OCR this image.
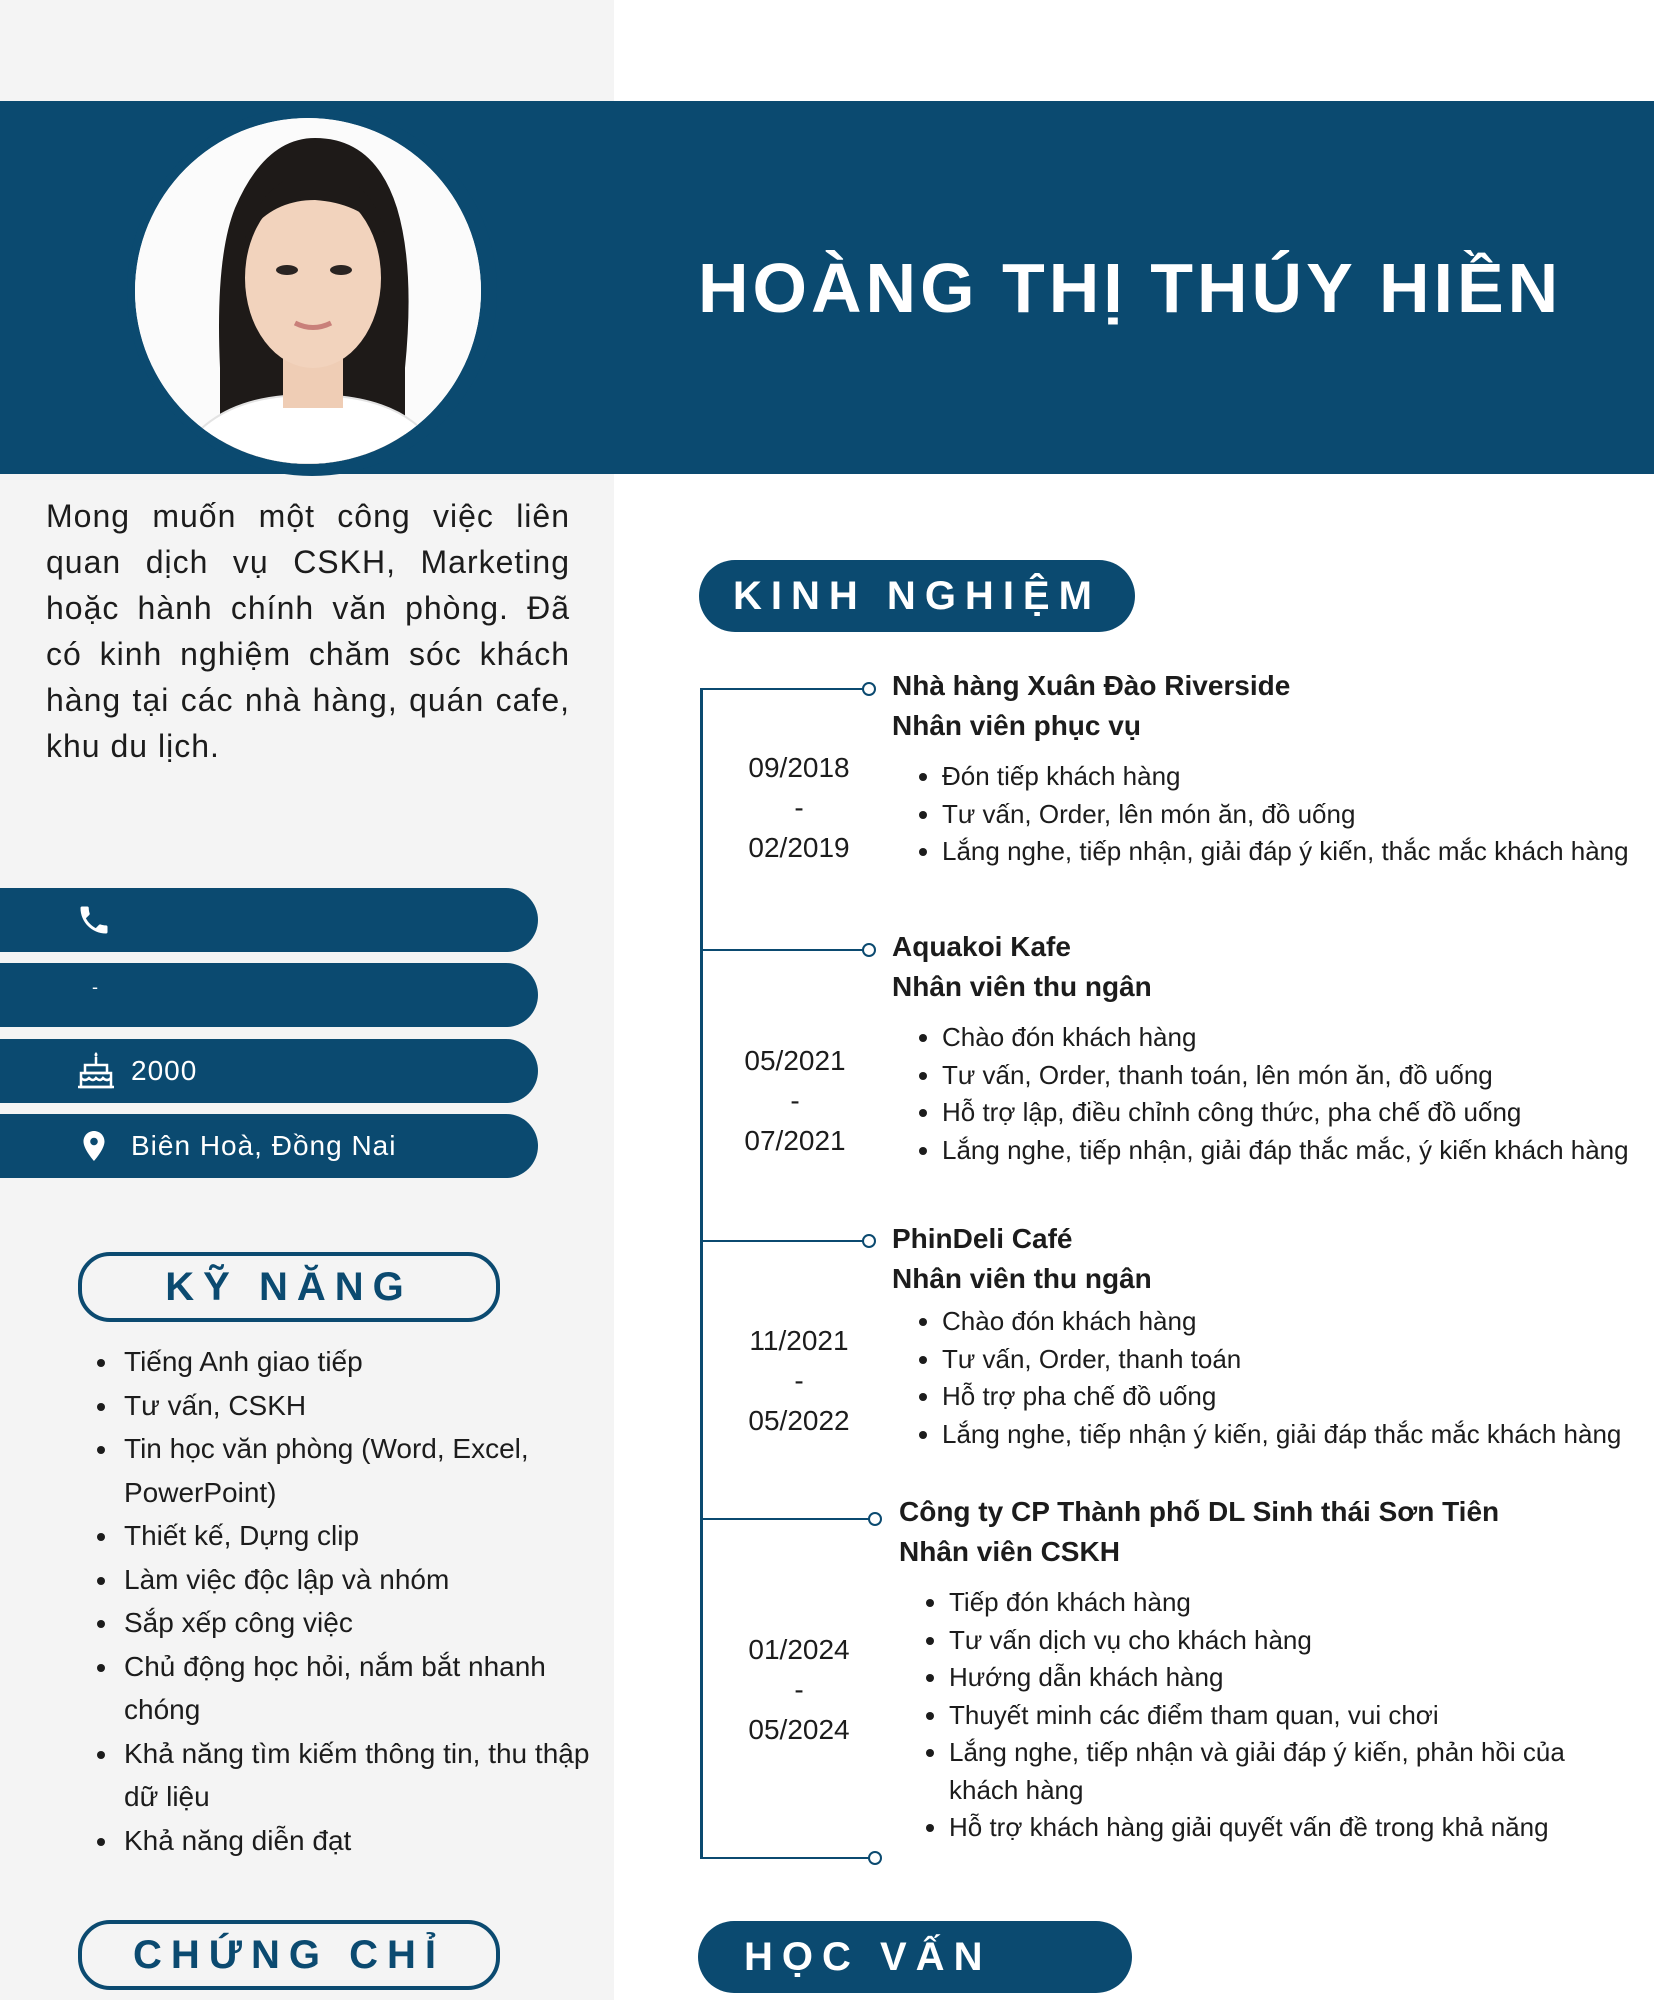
Mong muốn một công việc liên quan dịch vụ CSKH, Marketing hoặc hành chính văn phòng. Đã có kinh nghiệm chăm sóc khách hàng tại các nhà hàng, quán cafe, khu du lịch.
-
2000
Biên Hoà, Đồng Nai
KỸ NĂNG
• Tiếng Anh giao tiếp
• Tư vấn, CSKH
• Tin học văn phòng (Word, Excel, PowerPoint)
• Thiết kế, Dựng clip
• Làm việc độc lập và nhóm
• Sắp xếp công việc
• Chủ động học hỏi, nắm bắt nhanh chóng
• Khả năng tìm kiếm thông tin, thu thập dữ liệu
• Khả năng diễn đạt
CHỨNG CHỈ
HOÀNG THỊ THÚY HIỀN
KINH NGHIỆM
09/2018
-
02/2019
Nhà hàng Xuân Đào Riverside
Nhân viên phục vụ
• Đón tiếp khách hàng
• Tư vấn, Order, lên món ăn, đồ uống
• Lắng nghe, tiếp nhận, giải đáp ý kiến, thắc mắc khách hàng
05/2021
-
07/2021
Aquakoi Kafe
Nhân viên thu ngân
• Chào đón khách hàng
• Tư vấn, Order, thanh toán, lên món ăn, đồ uống
• Hỗ trợ lập, điều chỉnh công thức, pha chế đồ uống
• Lắng nghe, tiếp nhận, giải đáp thắc mắc, ý kiến khách hàng
11/2021
-
05/2022
PhinDeli Café
Nhân viên thu ngân
• Chào đón khách hàng
• Tư vấn, Order, thanh toán
• Hỗ trợ pha chế đồ uống
• Lắng nghe, tiếp nhận ý kiến, giải đáp thắc mắc khách hàng
01/2024
-
05/2024
Công ty CP Thành phố DL Sinh thái Sơn Tiên
Nhân viên CSKH
• Tiếp đón khách hàng
• Tư vấn dịch vụ cho khách hàng
• Hướng dẫn khách hàng
• Thuyết minh các điểm tham quan, vui chơi
• Lắng nghe, tiếp nhận và giải đáp ý kiến, phản hồi của khách hàng
• Hỗ trợ khách hàng giải quyết vấn đề trong khả năng
HỌC VẤN
